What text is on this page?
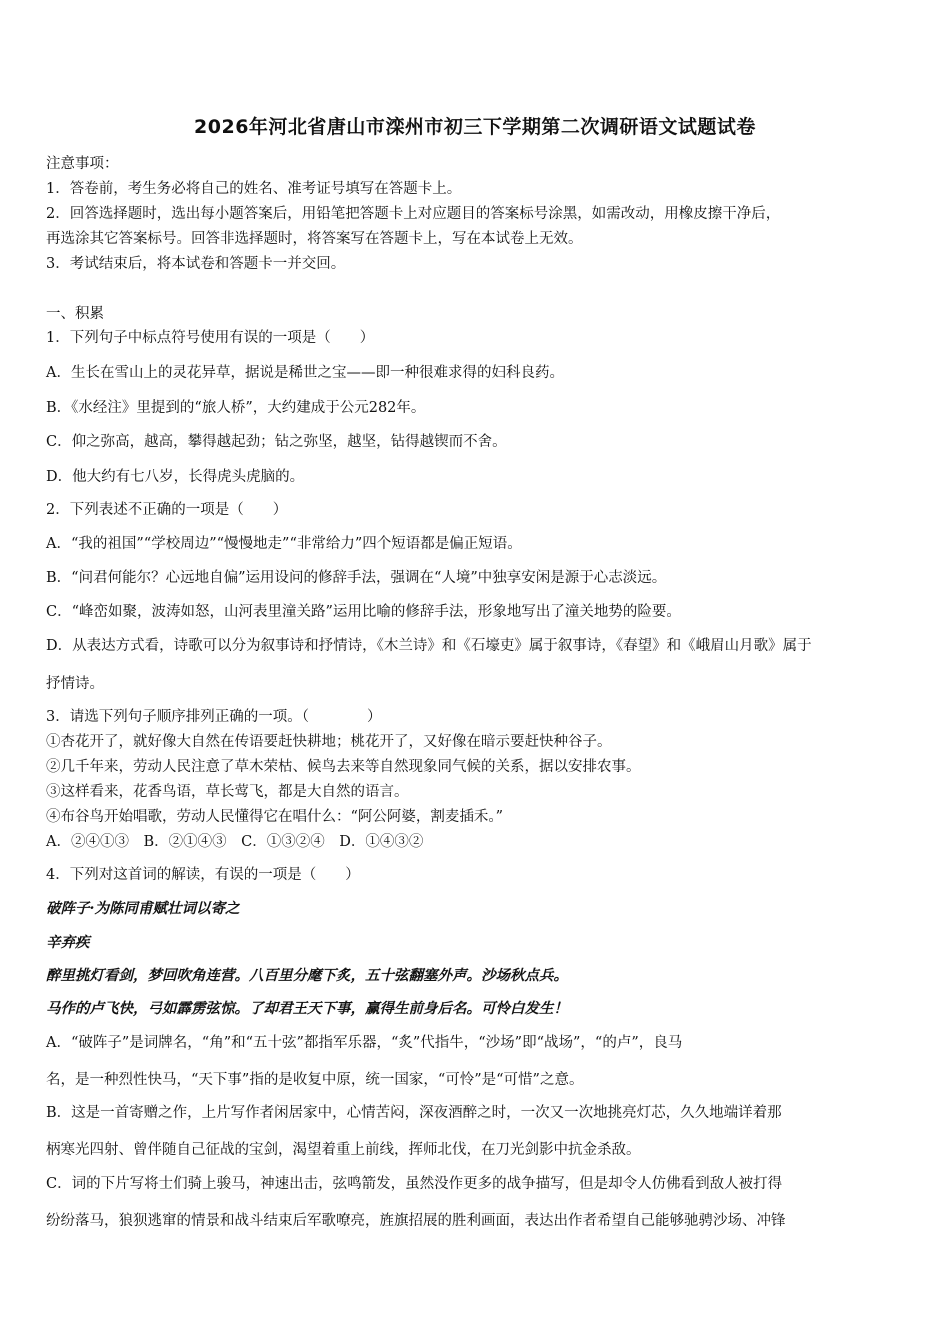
2026年河北省唐山市滦州市初三下学期第二次调研语文试题试卷
注意事项：
1．答卷前，考生务必将自己的姓名、准考证号填写在答题卡上。
2．回答选择题时，选出每小题答案后，用铅笔把答题卡上对应题目的答案标号涂黑，如需改动，用橡皮擦干净后，
再选涂其它答案标号。回答非选择题时，将答案写在答题卡上，写在本试卷上无效。
3．考试结束后，将本试卷和答题卡一并交回。
一、积累
1．下列句子中标点符号使用有误的一项是（　　）
A．生长在雪山上的灵花异草，据说是稀世之宝——即一种很难求得的妇科良药。
B．《水经注》里提到的“旅人桥”，大约建成于公元282年。
C．仰之弥高，越高，攀得越起劲；钻之弥坚，越坚，钻得越锲而不舍。
D．他大约有七八岁，长得虎头虎脑的。
2．下列表述不正确的一项是（　　）
A．“我的祖国”“学校周边”“慢慢地走”“非常给力”四个短语都是偏正短语。
B．“问君何能尔？心远地自偏”运用设问的修辞手法，强调在“人境”中独享安闲是源于心志淡远。
C．“峰峦如聚，波涛如怒，山河表里潼关路”运用比喻的修辞手法，形象地写出了潼关地势的险要。
D．从表达方式看，诗歌可以分为叙事诗和抒情诗，《木兰诗》和《石壕吏》属于叙事诗，《春望》和《峨眉山月歌》属于
抒情诗。
3．请选下列句子顺序排列正确的一项。（　　　　）
①杏花开了，就好像大自然在传语要赶快耕地；桃花开了，又好像在暗示要赶快种谷子。
②几千年来，劳动人民注意了草木荣枯、候鸟去来等自然现象同气候的关系，据以安排农事。
③这样看来，花香鸟语，草长莺飞，都是大自然的语言。
④布谷鸟开始唱歌，劳动人民懂得它在唱什么：“阿公阿婆，割麦插禾。”
A．②④①③　B．②①④③　C．①③②④　D．①④③②
4．下列对这首词的解读，有误的一项是（　　）
破阵子·为陈同甫赋壮词以寄之
辛弃疾
醉里挑灯看剑，梦回吹角连营。八百里分麾下炙，五十弦翻塞外声。沙场秋点兵。
马作的卢飞快，弓如霹雳弦惊。了却君王天下事，赢得生前身后名。可怜白发生！
A．“破阵子”是词牌名，“角”和“五十弦”都指军乐器，“炙”代指牛，“沙场”即“战场”，“的卢”，良马
名，是一种烈性快马，“天下事”指的是收复中原，统一国家，“可怜”是“可惜”之意。
B．这是一首寄赠之作，上片写作者闲居家中，心情苦闷，深夜酒醉之时，一次又一次地挑亮灯芯，久久地端详着那
柄寒光四射、曾伴随自己征战的宝剑，渴望着重上前线，挥师北伐，在刀光剑影中抗金杀敌。
C．词的下片写将士们骑上骏马，神速出击，弦鸣箭发，虽然没作更多的战争描写，但是却令人仿佛看到敌人被打得
纷纷落马，狼狈逃窜的情景和战斗结束后军歌嘹亮，旌旗招展的胜利画面，表达出作者希望自己能够驰骋沙场、冲锋
